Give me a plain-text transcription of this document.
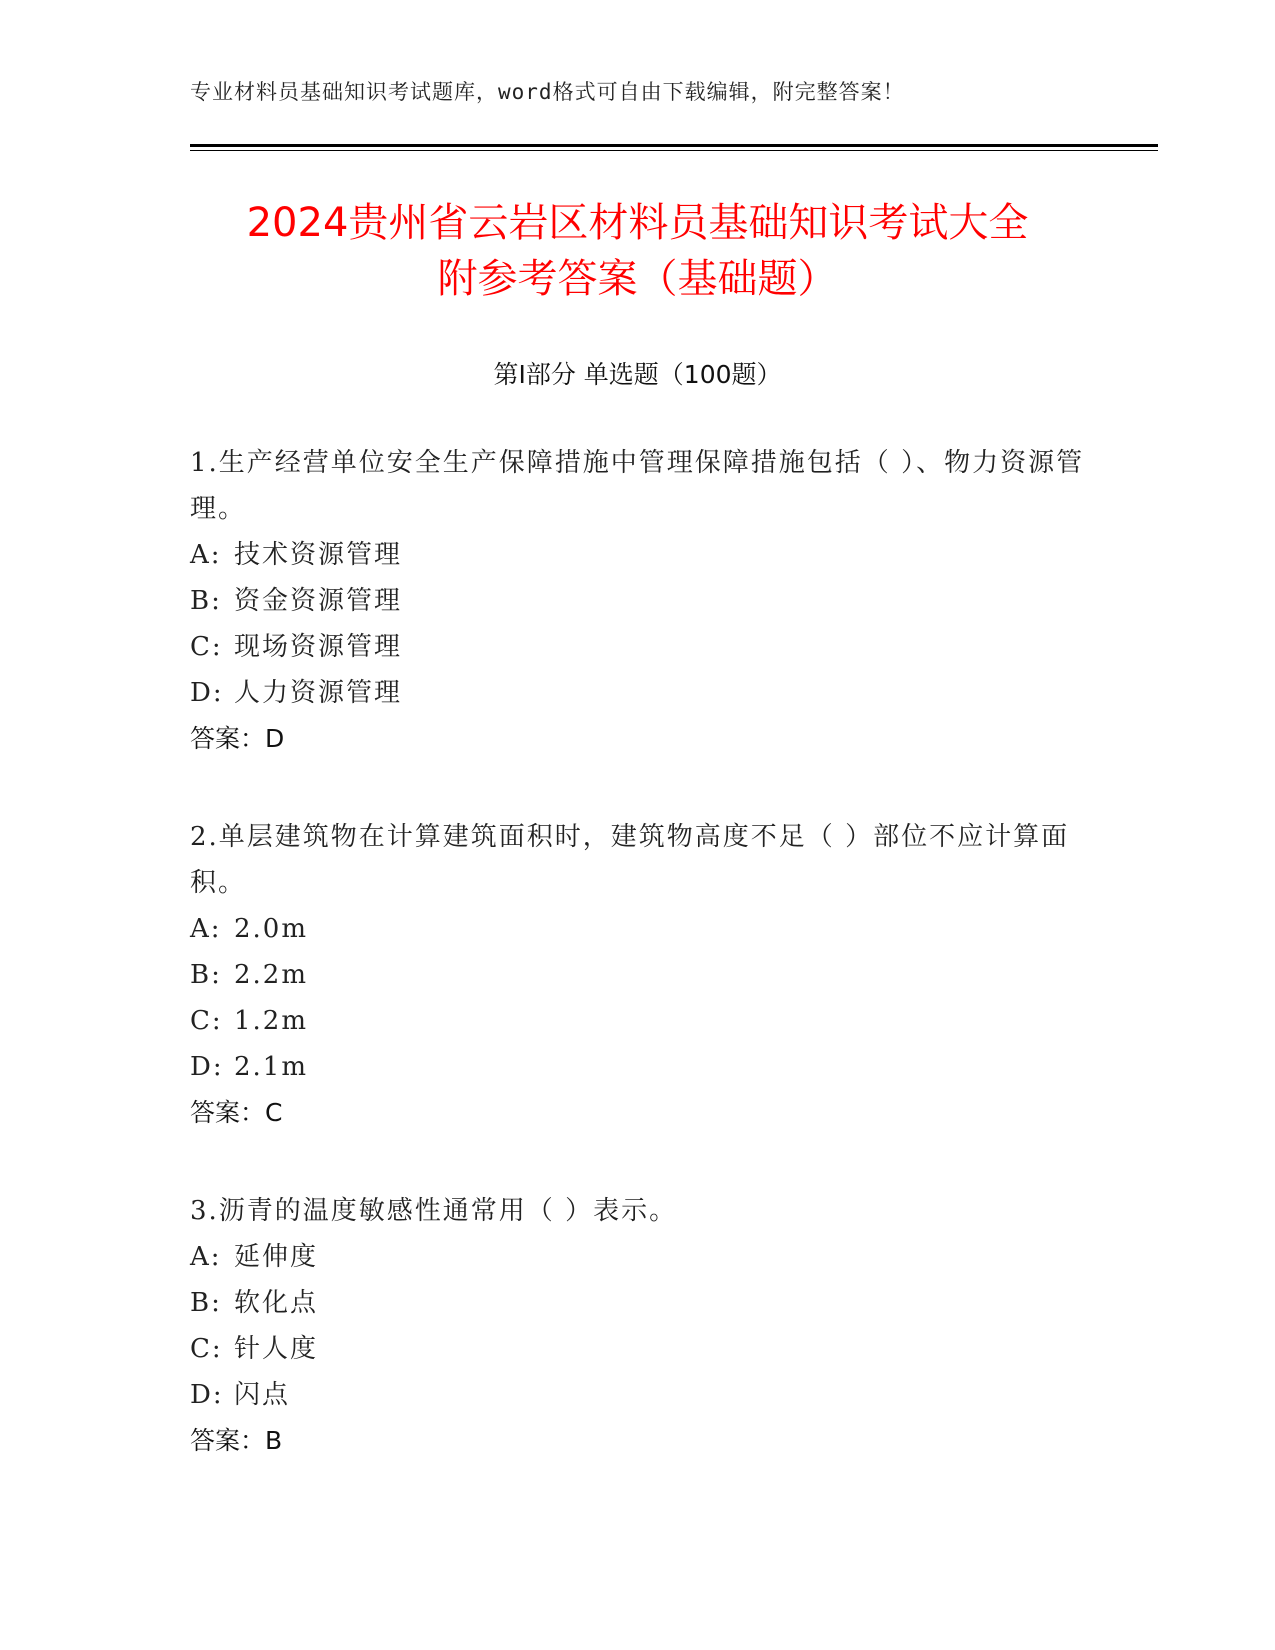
专业材料员基础知识考试题库，word格式可自由下载编辑，附完整答案！
2024贵州省云岩区材料员基础知识考试大全
附参考答案（基础题）
第Ⅰ部分 单选题（100题）

1.生产经营单位安全生产保障措施中管理保障措施包括（ ）、物力资源管理。

A: 技术资源管理
B: 资金资源管理
C: 现场资源管理
D: 人力资源管理
答案：D

2.单层建筑物在计算建筑面积时，建筑物高度不足（ ）部位不应计算面积。

A: 2.0m
B: 2.2m
C: 1.2m
D: 2.1m
答案：C

3.沥青的温度敏感性通常用（ ）表示。

A: 延伸度
B: 软化点
C: 针人度
D: 闪点
答案：B
